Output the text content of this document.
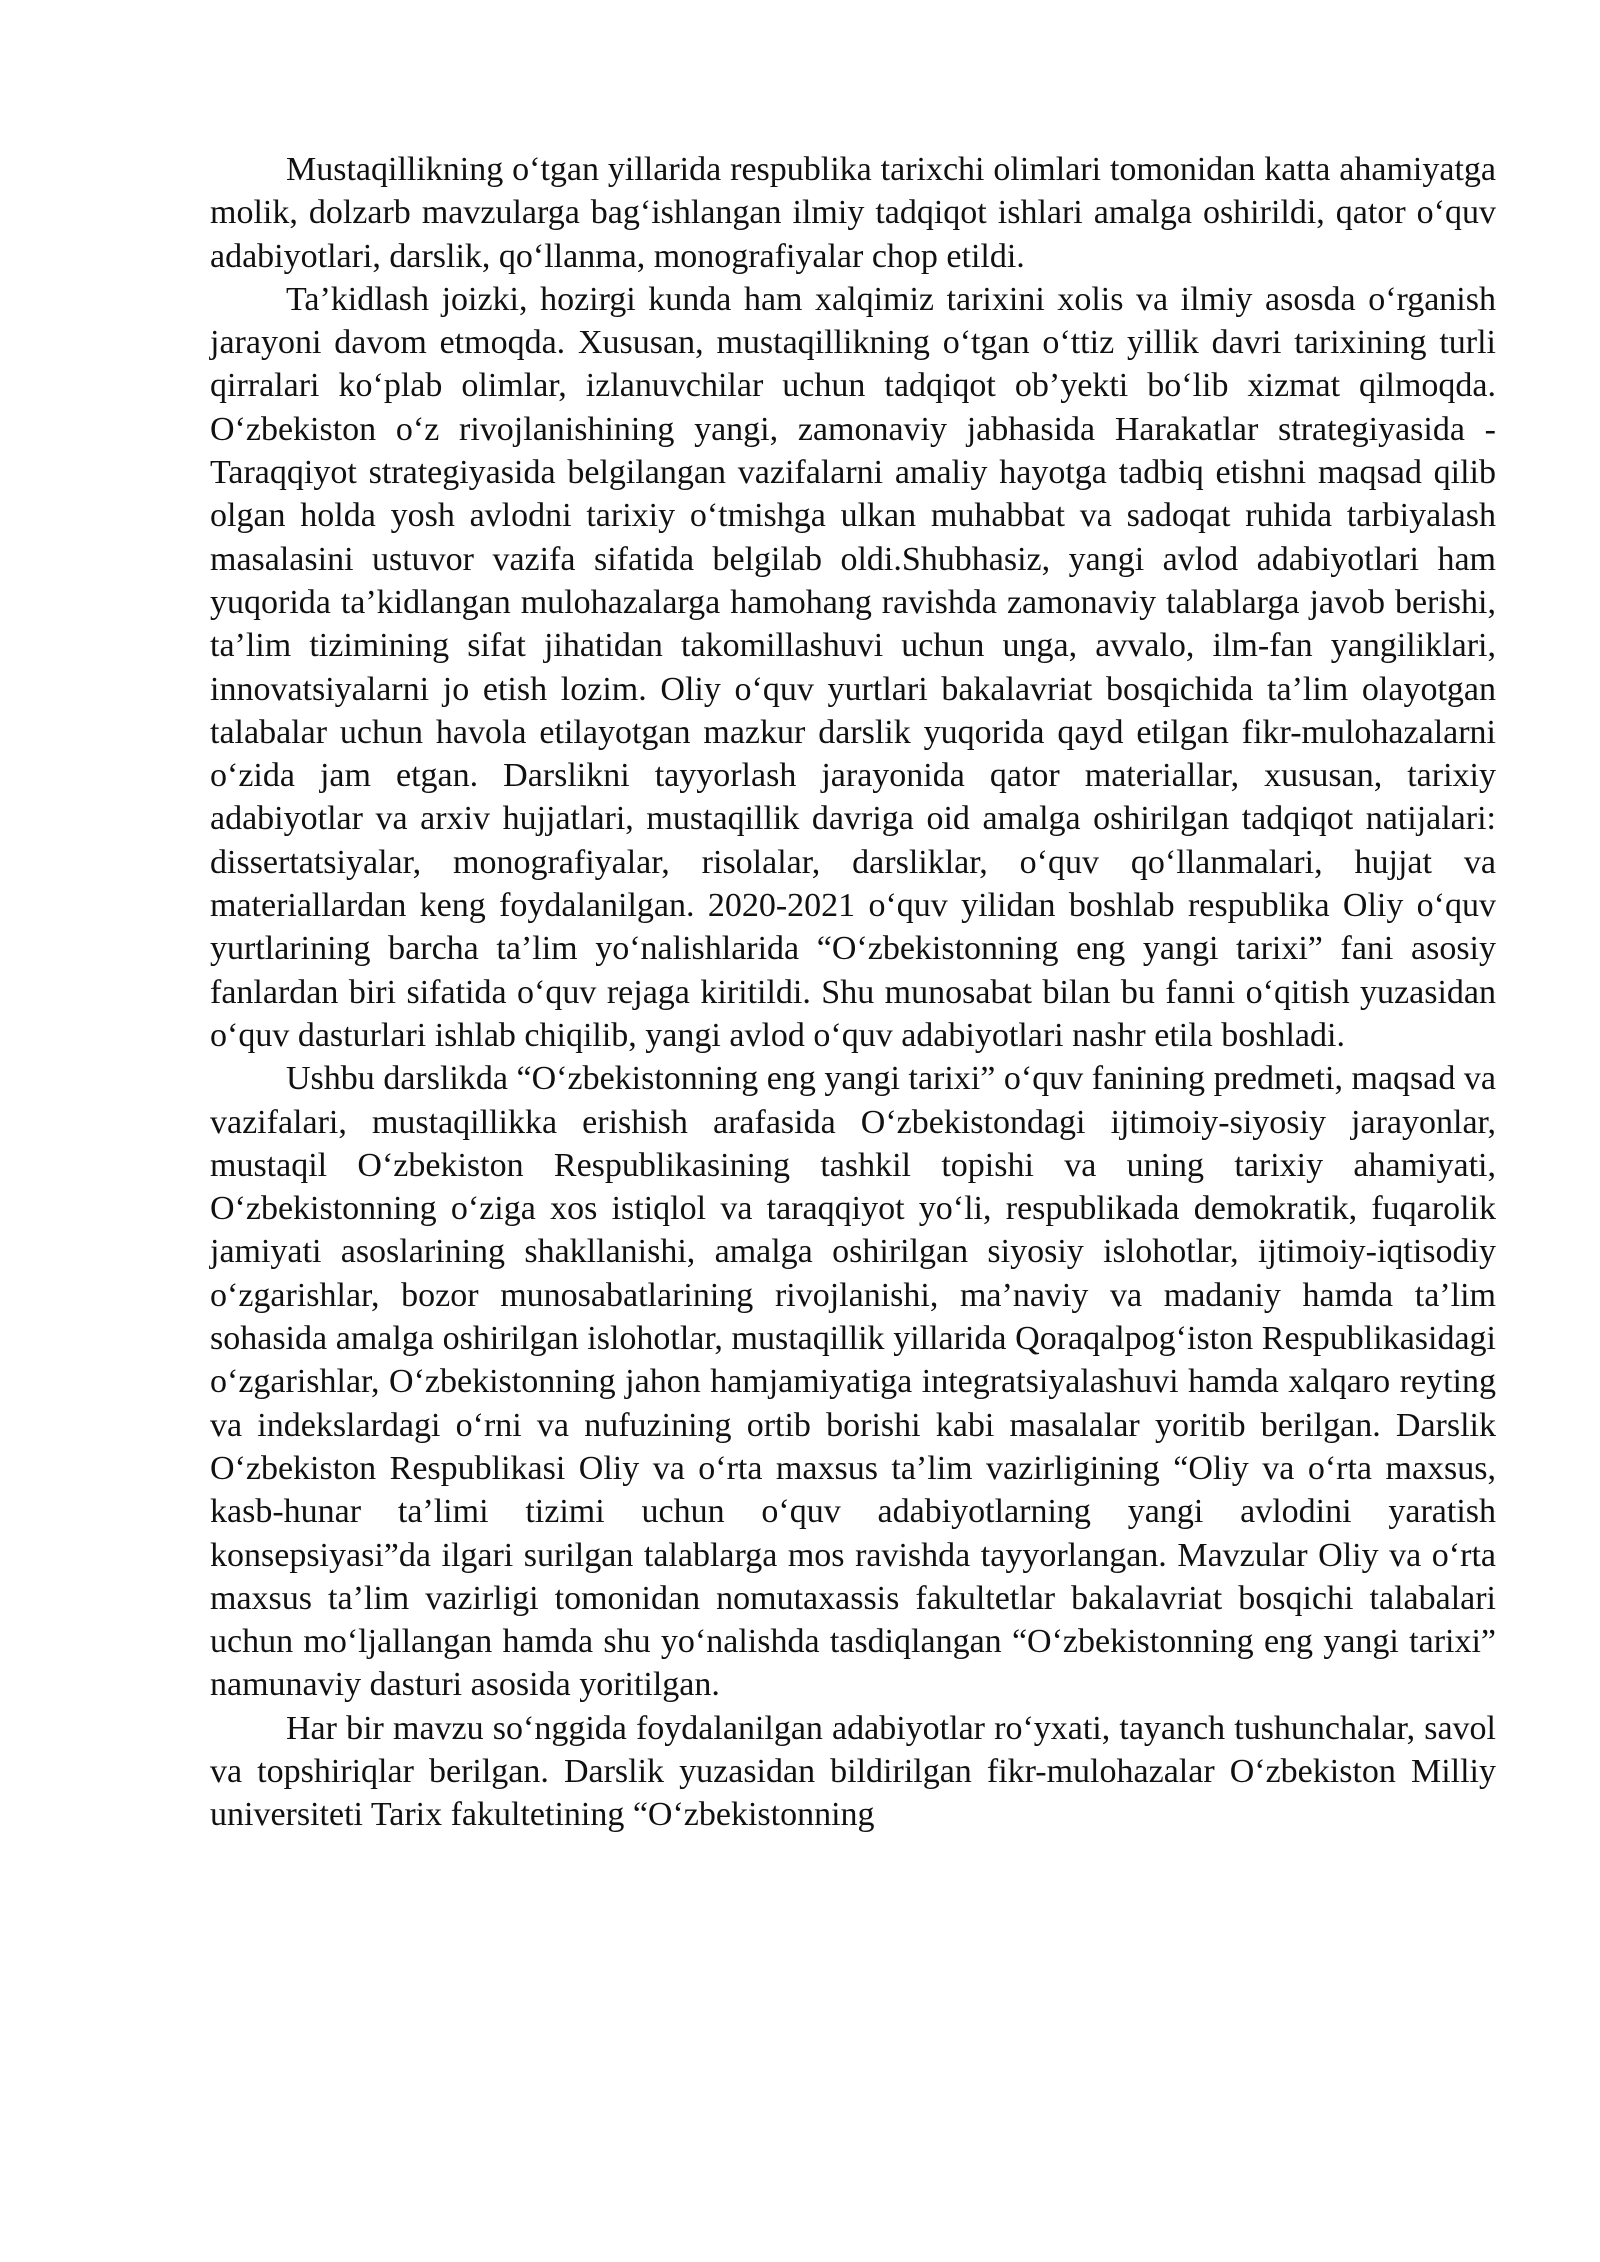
Mustaqillikning o‘tgan yillarida respublika tarixchi olimlari tomonidan katta ahamiyatga molik, dolzarb mavzularga bag‘ishlangan ilmiy tadqiqot ishlari amalga oshirildi, qator o‘quv adabiyotlari, darslik, qo‘llanma, monografiyalar chop etildi.

Ta’kidlash joizki, hozirgi kunda ham xalqimiz tarixini xolis va ilmiy asosda o‘rganish jarayoni davom etmoqda. Xususan, mustaqillikning o‘tgan o‘ttiz yillik davri tarixining turli qirralari ko‘plab olimlar, izlanuvchilar uchun tadqiqot ob’yekti bo‘lib xizmat qilmoqda. O‘zbekiston o‘z rivojlanishining yangi, zamonaviy jabhasida Harakatlar strategiyasida - Taraqqiyot strategiyasida belgilangan vazifalarni amaliy hayotga tadbiq etishni maqsad qilib olgan holda yosh avlodni tarixiy o‘tmishga ulkan muhabbat va sadoqat ruhida tarbiyalash masalasini ustuvor vazifa sifatida belgilab oldi.Shubhasiz, yangi avlod adabiyotlari ham yuqorida ta’kidlangan mulohazalarga hamohang ravishda zamonaviy talablarga javob berishi, ta’lim tizimining sifat jihatidan takomillashuvi uchun unga, avvalo, ilm-fan yangiliklari, innovatsiyalarni jo etish lozim. Oliy o‘quv yurtlari bakalavriat bosqichida ta’lim olayotgan talabalar uchun havola etilayotgan mazkur darslik yuqorida qayd etilgan fikr-mulohazalarni o‘zida jam etgan. Darslikni tayyorlash jarayonida qator materiallar, xususan, tarixiy adabiyotlar va arxiv hujjatlari, mustaqillik davriga oid amalga oshirilgan tadqiqot natijalari: dissertatsiyalar, monografiyalar, risolalar, darsliklar, o‘quv qo‘llanmalari, hujjat va materiallardan keng foydalanilgan. 2020-2021 o‘quv yilidan boshlab respublika Oliy o‘quv yurtlarining barcha ta’lim yo‘nalishlarida “O‘zbekistonning eng yangi tarixi” fani asosiy fanlardan biri sifatida o‘quv rejaga kiritildi. Shu munosabat bilan bu fanni o‘qitish yuzasidan o‘quv dasturlari ishlab chiqilib, yangi avlod o‘quv adabiyotlari nashr etila boshladi.

Ushbu darslikda “O‘zbekistonning eng yangi tarixi” o‘quv fanining predmeti, maqsad va vazifalari, mustaqillikka erishish arafasida O‘zbekistondagi ijtimoiy-siyosiy jarayonlar, mustaqil O‘zbekiston Respublikasining tashkil topishi va uning tarixiy ahamiyati, O‘zbekistonning o‘ziga xos istiqlol va taraqqiyot yo‘li, respublikada demokratik, fuqarolik jamiyati asoslarining shakllanishi, amalga oshirilgan siyosiy islohotlar, ijtimoiy-iqtisodiy o‘zgarishlar, bozor munosabatlarining rivojlanishi, ma’naviy va madaniy hamda ta’lim sohasida amalga oshirilgan islohotlar, mustaqillik yillarida Qoraqalpog‘iston Respublikasidagi o‘zgarishlar, O‘zbekistonning jahon hamjamiyatiga integratsiyalashuvi hamda xalqaro reyting va indekslardagi o‘rni va nufuzining ortib borishi kabi masalalar yoritib berilgan. Darslik O‘zbekiston Respublikasi Oliy va o‘rta maxsus ta’lim vazirligining “Oliy va o‘rta maxsus, kasb-hunar ta’limi tizimi uchun o‘quv adabiyotlarning yangi avlodini yaratish konsepsiyasi”da ilgari surilgan talablarga mos ravishda tayyorlangan. Mavzular Oliy va o‘rta maxsus ta’lim vazirligi tomonidan nomutaxassis fakultetlar bakalavriat bosqichi talabalari uchun mo‘ljallangan hamda shu yo‘nalishda tasdiqlangan “O‘zbekistonning eng yangi tarixi” namunaviy dasturi asosida yoritilgan.

Har bir mavzu so‘nggida foydalanilgan adabiyotlar ro‘yxati, tayanch tushunchalar, savol va topshiriqlar berilgan. Darslik yuzasidan bildirilgan fikr-mulohazalar O‘zbekiston Milliy universiteti Tarix fakultetining “O‘zbekistonning
